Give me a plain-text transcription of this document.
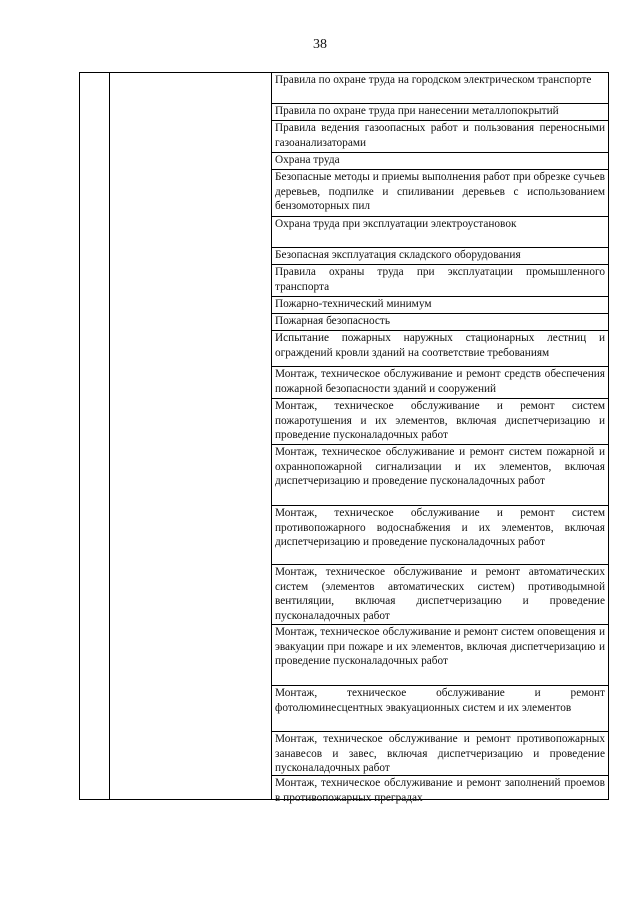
38
Правила по охране труда на городском электрическом транспорте
Правила по охране труда при нанесении металлопокрытий
Правила ведения газоопасных работ и пользования переносными газоанализаторами
Охрана труда
Безопасные методы и приемы выполнения работ при обрезке сучьев деревьев, подпилке и спиливании деревьев с использованием бензомоторных пил
Охрана труда при эксплуатации электроустановок
Безопасная эксплуатация складского оборудования
Правила охраны труда при эксплуатации промышленного транспорта
Пожарно-технический минимум
Пожарная безопасность
Испытание пожарных наружных стационарных лестниц и ограждений кровли зданий на соответствие требованиям
Монтаж, техническое обслуживание и ремонт средств обеспечения пожарной безопасности зданий и сооружений
Монтаж, техническое обслуживание и ремонт систем пожаротушения и их элементов, включая диспетчеризацию и проведение пусконаладочных работ
Монтаж, техническое обслуживание и ремонт систем пожарной и охраннопожарной сигнализации и их элементов, включая диспетчеризацию и проведение пусконаладочных работ
Монтаж, техническое обслуживание и ремонт систем противопожарного водоснабжения и их элементов, включая диспетчеризацию и проведение пусконаладочных работ
Монтаж, техническое обслуживание и ремонт автоматических систем (элементов автоматических систем) противодымной вентиляции, включая диспетчеризацию и проведение пусконаладочных работ
Монтаж, техническое обслуживание и ремонт систем оповещения и эвакуации при пожаре и их элементов, включая диспетчеризацию и проведение пусконаладочных работ
Монтаж, техническое обслуживание и ремонт фотолюминесцентных эвакуационных систем и их элементов
Монтаж, техническое обслуживание и ремонт противопожарных занавесов и завес, включая диспетчеризацию и проведение пусконаладочных работ
Монтаж, техническое обслуживание и ремонт заполнений проемов в противопожарных преградах
